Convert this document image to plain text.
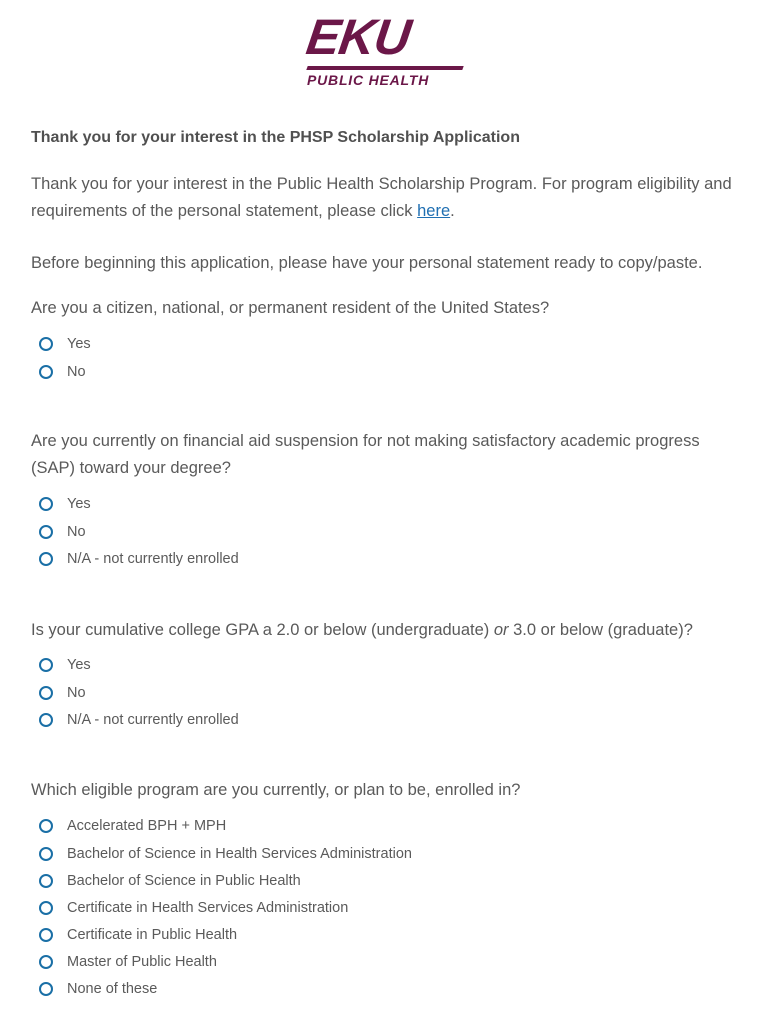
EKU
PUBLIC HEALTH
Thank you for your interest in the PHSP Scholarship Application
Thank you for your interest in the Public Health Scholarship Program. For program eligibility and requirements of the personal statement, please click here.
Before beginning this application, please have your personal statement ready to copy/paste.
Are you a citizen, national, or permanent resident of the United States?
Yes
No
Are you currently on financial aid suspension for not making satisfactory academic progress (SAP) toward your degree?
Yes
No
N/A - not currently enrolled
Is your cumulative college GPA a 2.0 or below (undergraduate) or 3.0 or below (graduate)?
Yes
No
N/A - not currently enrolled
Which eligible program are you currently, or plan to be, enrolled in?
Accelerated BPH + MPH
Bachelor of Science in Health Services Administration
Bachelor of Science in Public Health
Certificate in Health Services Administration
Certificate in Public Health
Master of Public Health
None of these
